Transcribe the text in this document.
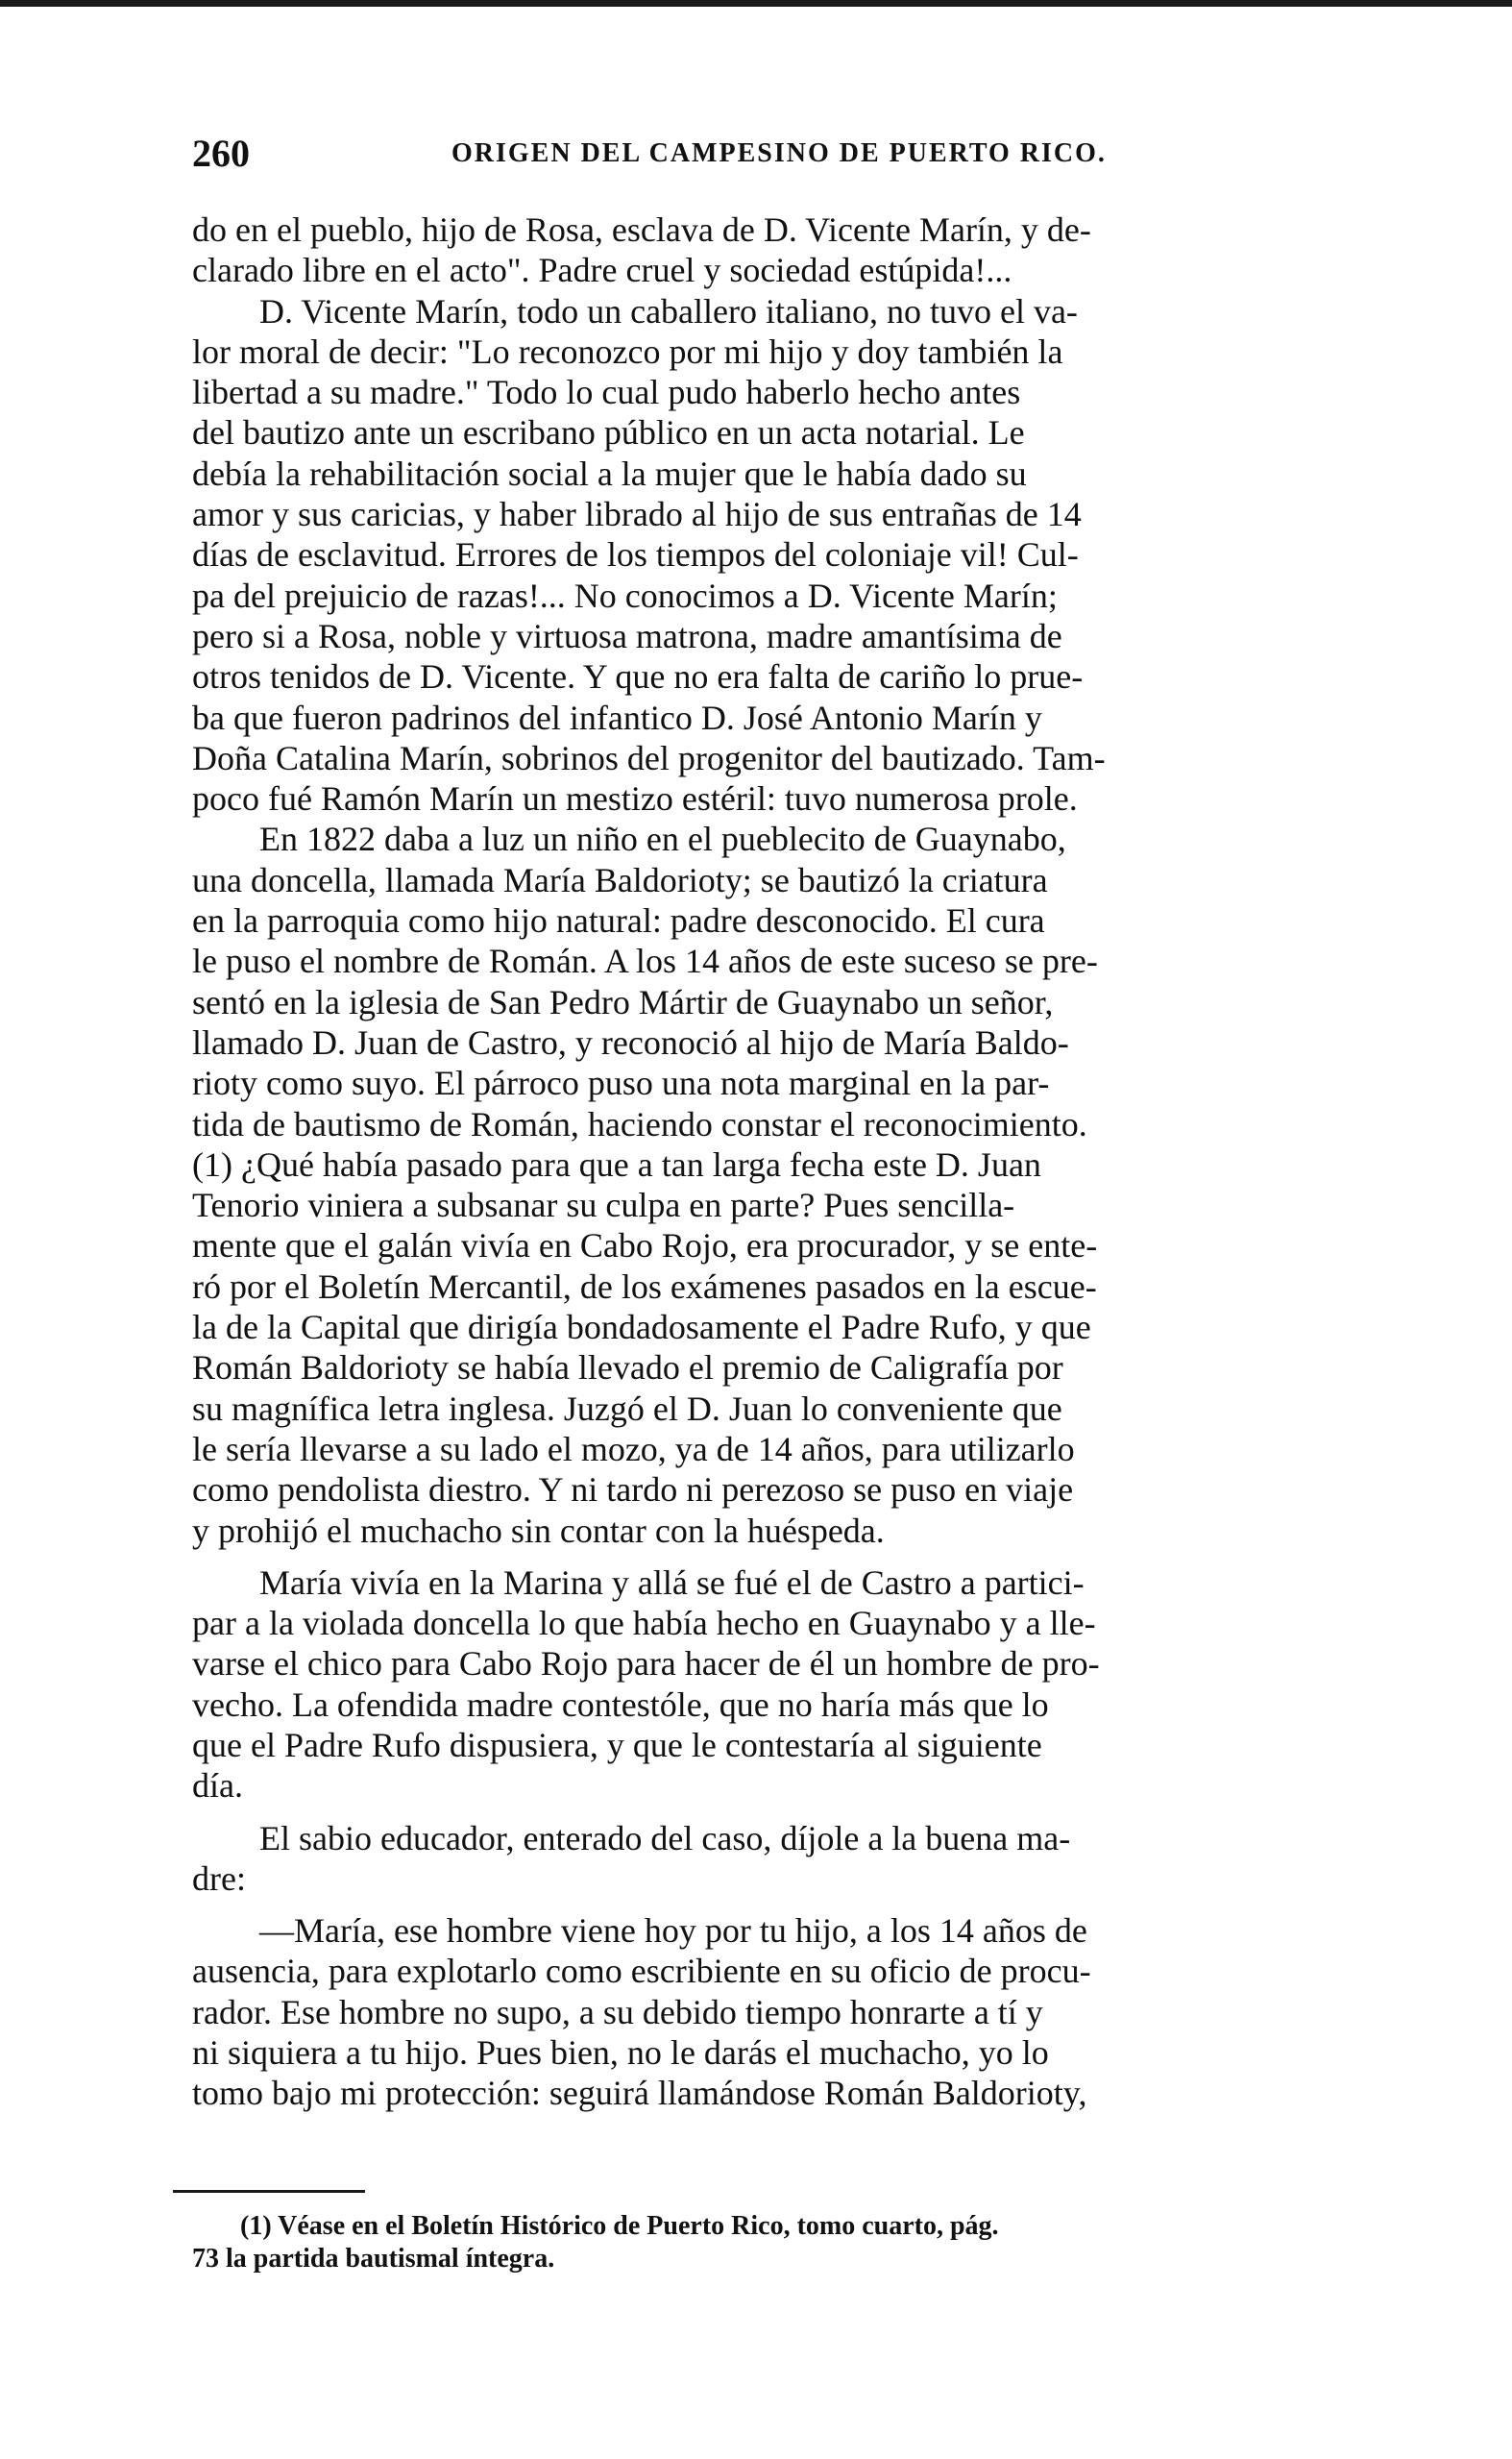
260	ORIGEN DEL CAMPESINO DE PUERTO RICO.
do en el pueblo, hijo de Rosa, esclava de D. Vicente Marín, y de-
clarado libre en el acto". Padre cruel y sociedad estúpida!...
D. Vicente Marín, todo un caballero italiano, no tuvo el va-
lor moral de decir: "Lo reconozco por mi hijo y doy también la
libertad a su madre." Todo lo cual pudo haberlo hecho antes
del bautizo ante un escribano público en un acta notarial. Le
debía la rehabilitación social a la mujer que le había dado su
amor y sus caricias, y haber librado al hijo de sus entrañas de 14
días de esclavitud. Errores de los tiempos del coloniaje vil! Cul-
pa del prejuicio de razas!... No conocimos a D. Vicente Marín;
pero si a Rosa, noble y virtuosa matrona, madre amantísima de
otros tenidos de D. Vicente. Y que no era falta de cariño lo prue-
ba que fueron padrinos del infantico D. José Antonio Marín y
Doña Catalina Marín, sobrinos del progenitor del bautizado. Tam-
poco fué Ramón Marín un mestizo estéril: tuvo numerosa prole.
En 1822 daba a luz un niño en el pueblecito de Guaynabo,
una doncella, llamada María Baldorioty; se bautizó la criatura
en la parroquia como hijo natural: padre desconocido. El cura
le puso el nombre de Román. A los 14 años de este suceso se pre-
sentó en la iglesia de San Pedro Mártir de Guaynabo un señor,
llamado D. Juan de Castro, y reconoció al hijo de María Baldo-
rioty como suyo. El párroco puso una nota marginal en la par-
tida de bautismo de Román, haciendo constar el reconocimiento.
(1) ¿Qué había pasado para que a tan larga fecha este D. Juan
Tenorio viniera a subsanar su culpa en parte? Pues sencilla-
mente que el galán vivía en Cabo Rojo, era procurador, y se ente-
ró por el Boletín Mercantil, de los exámenes pasados en la escue-
la de la Capital que dirigía bondadosamente el Padre Rufo, y que
Román Baldorioty se había llevado el premio de Caligrafía por
su magnífica letra inglesa. Juzgó el D. Juan lo conveniente que
le sería llevarse a su lado el mozo, ya de 14 años, para utilizarlo
como pendolista diestro. Y ni tardo ni perezoso se puso en viaje
y prohijó el muchacho sin contar con la huéspeda.
María vivía en la Marina y allá se fué el de Castro a partici-
par a la violada doncella lo que había hecho en Guaynabo y a lle-
varse el chico para Cabo Rojo para hacer de él un hombre de pro-
vecho. La ofendida madre contestóle, que no haría más que lo
que el Padre Rufo dispusiera, y que le contestaría al siguiente
día.
El sabio educador, enterado del caso, díjole a la buena ma-
dre:
—María, ese hombre viene hoy por tu hijo, a los 14 años de
ausencia, para explotarlo como escribiente en su oficio de procu-
rador. Ese hombre no supo, a su debido tiempo honrarte a tí y
ni siquiera a tu hijo. Pues bien, no le darás el muchacho, yo lo
tomo bajo mi protección: seguirá llamándose Román Baldorioty,
(1) Véase en el Boletín Histórico de Puerto Rico, tomo cuarto, pág.
73 la partida bautismal íntegra.
